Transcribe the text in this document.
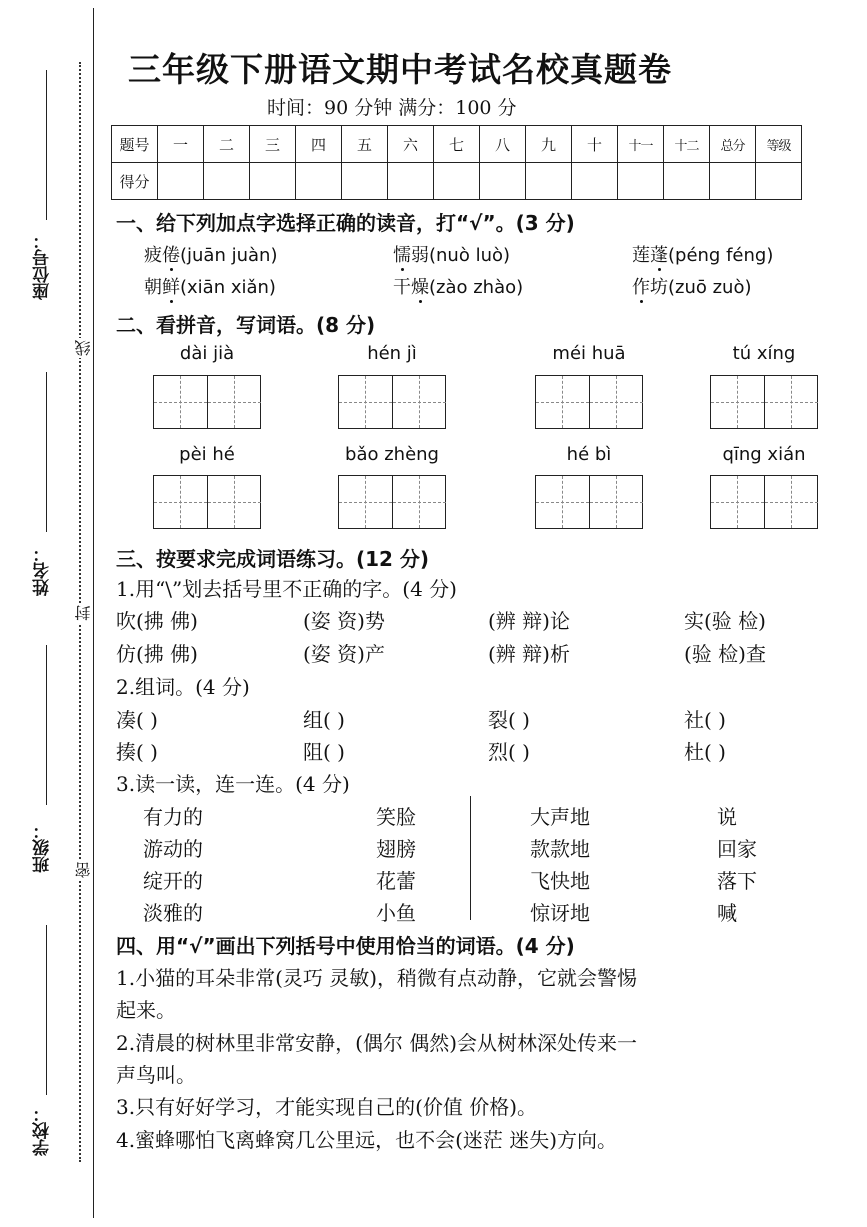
座位号：
姓名：
班级：
学校：
线
封
密
三年级下册语文期中考试名校真题卷
时间：90 分钟 满分：100 分
题号	一	二	三	四	五	六	七	八	九	十	十一	十二	总分	等级
得分														
一、给下列加点字选择正确的读音，打“√”。(3 分)
疲倦(juān juàn)	懦弱(nuò luò)	莲蓬(péng féng)
朝鲜(xiān xiǎn)	干燥(zào zhào)	作坊(zuō zuò)
二、看拼音，写词语。(8 分)
dài jià	hén jì	méi huā	tú xíng
pèi hé	bǎo zhèng	hé bì	qīng xián
三、按要求完成词语练习。(12 分)
1.用“\”划去括号里不正确的字。(4 分)
吹(拂 佛)	(姿 资)势	(辨 辩)论	实(验 检)
仿(拂 佛)	(姿 资)产	(辨 辩)析	(验 检)查
2.组词。(4 分)
凑( )	组( )	裂( )	社( )
揍( )	阻( )	烈( )	杜( )
3.读一读，连一连。(4 分)
有力的
游动的
绽开的
淡雅的
笑脸
翅膀
花蕾
小鱼
大声地
款款地
飞快地
惊讶地
说
回家
落下
喊
四、用“√”画出下列括号中使用恰当的词语。(4 分)
1.小猫的耳朵非常(灵巧 灵敏)，稍微有点动静，它就会警惕
起来。
2.清晨的树林里非常安静，(偶尔 偶然)会从树林深处传来一
声鸟叫。
3.只有好好学习，才能实现自己的(价值 价格)。
4.蜜蜂哪怕飞离蜂窝几公里远，也不会(迷茫 迷失)方向。
